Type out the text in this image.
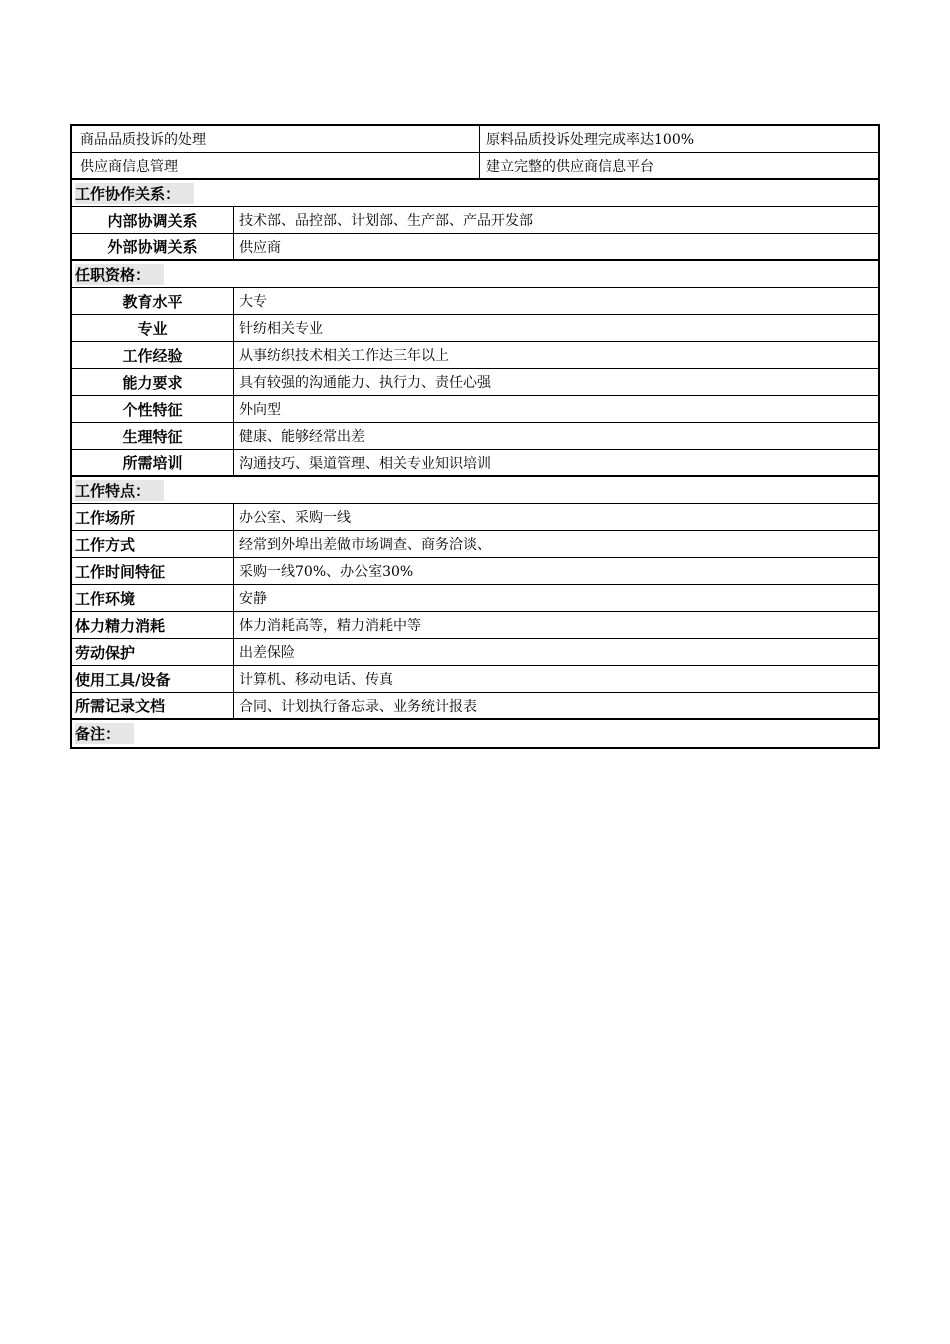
商品品质投诉的处理	原料品质投诉处理完成率达100%
供应商信息管理	建立完整的供应商信息平台
工作协作关系：
内部协调关系	技术部、品控部、计划部、生产部、产品开发部
外部协调关系	供应商
任职资格：
教育水平	大专
专业	针纺相关专业
工作经验	从事纺织技术相关工作达三年以上
能力要求	具有较强的沟通能力、执行力、责任心强
个性特征	外向型
生理特征	健康、能够经常出差
所需培训	沟通技巧、渠道管理、相关专业知识培训
工作特点：
工作场所	办公室、采购一线
工作方式	经常到外埠出差做市场调查、商务洽谈、
工作时间特征	采购一线70%、办公室30%
工作环境	安静
体力精力消耗	体力消耗高等，精力消耗中等
劳动保护	出差保险
使用工具/设备	计算机、移动电话、传真
所需记录文档	合同、计划执行备忘录、业务统计报表
备注：
